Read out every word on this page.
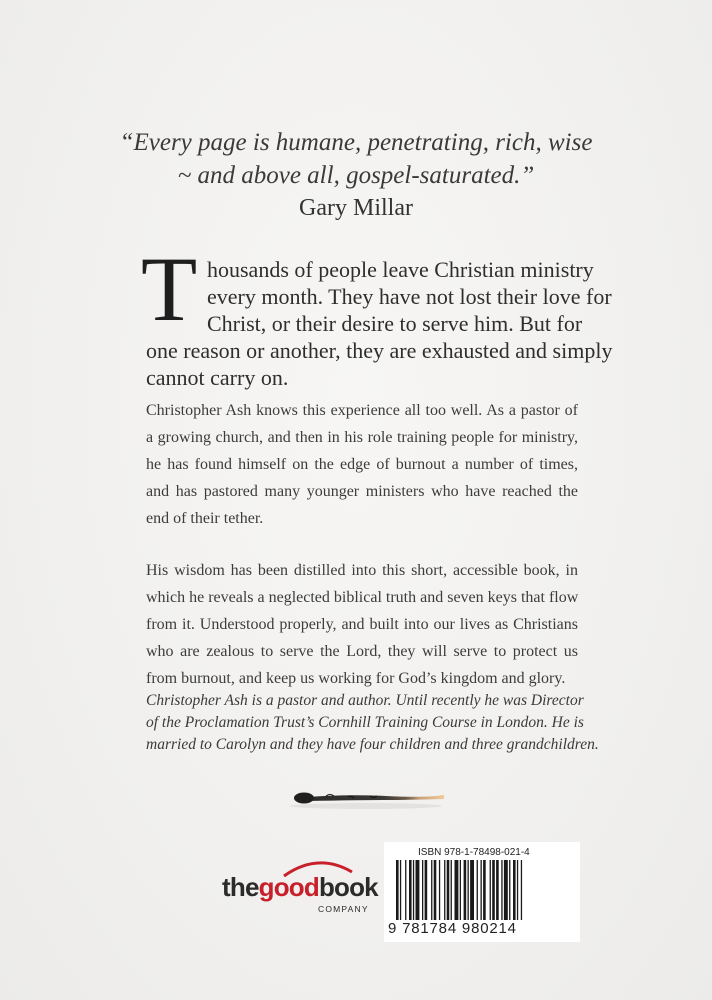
“Every page is humane, penetrating, rich, wise
~ and above all, gospel-saturated.”
Gary Millar
T housands of people leave Christian ministry
every month. They have not lost their love for
Christ, or their desire to serve him. But for
one reason or another, they are exhausted and simply
cannot carry on.
Christopher Ash knows this experience all too well. As a pastor of
a growing church, and then in his role training people for ministry,
he has found himself on the edge of burnout a number of times,
and has pastored many younger ministers who have reached the
end of their tether.
His wisdom has been distilled into this short, accessible book, in
which he reveals a neglected biblical truth and seven keys that flow
from it. Understood properly, and built into our lives as Christians
who are zealous to serve the Lord, they will serve to protect us
from burnout, and keep us working for God’s kingdom and glory.
Christopher Ash is a pastor and author. Until recently he was Director
of the Proclamation Trust’s Cornhill Training Course in London. He is
married to Carolyn and they have four children and three grandchildren.
thegoodbook
COMPANY
ISBN 978-1-78498-021-4
9 781784 980214
